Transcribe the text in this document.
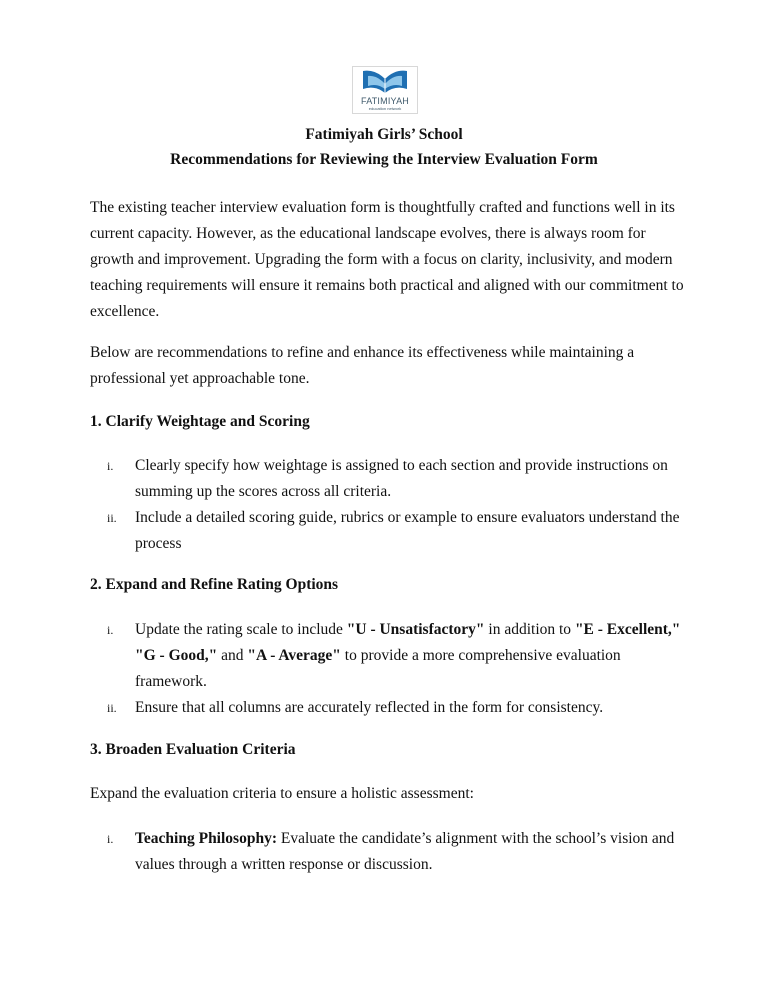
FATIMIYAH
education network
Fatimiyah Girls’ School
Recommendations for Reviewing the Interview Evaluation Form
The existing teacher interview evaluation form is thoughtfully crafted and functions well in its current capacity. However, as the educational landscape evolves, there is always room for growth and improvement. Upgrading the form with a focus on clarity, inclusivity, and modern teaching requirements will ensure it remains both practical and aligned with our commitment to excellence.
Below are recommendations to refine and enhance its effectiveness while maintaining a professional yet approachable tone.
1. Clarify Weightage and Scoring
i. Clearly specify how weightage is assigned to each section and provide instructions on summing up the scores across all criteria.
ii. Include a detailed scoring guide, rubrics or example to ensure evaluators understand the process
2. Expand and Refine Rating Options
i. Update the rating scale to include "U - Unsatisfactory" in addition to "E - Excellent," "G - Good," and "A - Average" to provide a more comprehensive evaluation framework.
ii. Ensure that all columns are accurately reflected in the form for consistency.
3. Broaden Evaluation Criteria
Expand the evaluation criteria to ensure a holistic assessment:
i. Teaching Philosophy: Evaluate the candidate’s alignment with the school’s vision and values through a written response or discussion.
